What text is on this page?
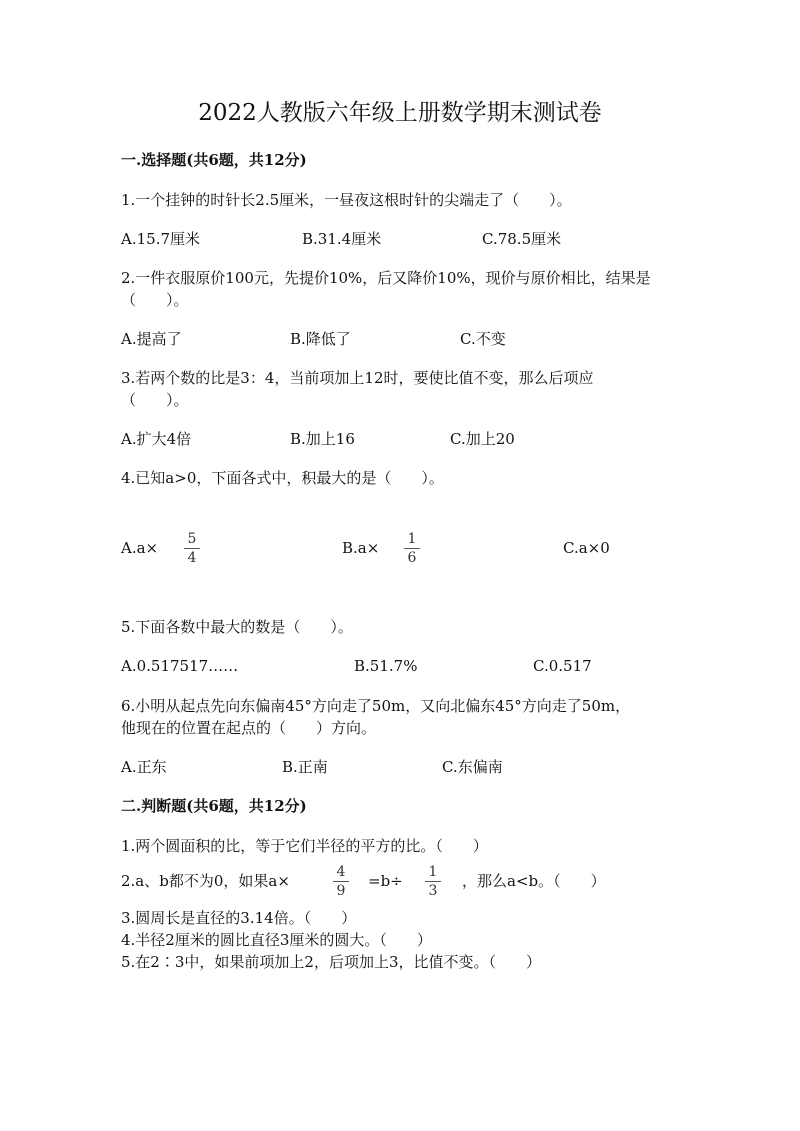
2022人教版六年级上册数学期末测试卷
一.选择题(共6题，共12分)
1.一个挂钟的时针长2.5厘米，一昼夜这根时针的尖端走了（　　）。
A.15.7厘米	B.31.4厘米	C.78.5厘米
2.一件衣服原价100元，先提价10%，后又降价10%，现价与原价相比，结果是
（　　）。
A.提高了	B.降低了	C.不变
3.若两个数的比是3：4，当前项加上12时，要使比值不变，那么后项应
（　　）。
A.扩大4倍	B.加上16	C.加上20
4.已知a>0，下面各式中，积最大的是（　　）。
A.a×	5
4
B.a×	1
6
C.a×0
5.下面各数中最大的数是（　　）。
A.0.517517……	B.51.7%	C.0.517
6.小明从起点先向东偏南45°方向走了50m，又向北偏东45°方向走了50m，
他现在的位置在起点的（　　）方向。
A.正东	B.正南	C.东偏南
二.判断题(共6题，共12分)
1.两个圆面积的比，等于它们半径的平方的比。（　　）
2.a、b都不为0，如果a×	4
9
=b÷	1
3
，那么a<b。（　　）
3.圆周长是直径的3.14倍。（　　）
4.半径2厘米的圆比直径3厘米的圆大。（　　）
5.在2∶3中，如果前项加上2，后项加上3，比值不变。（　　）
